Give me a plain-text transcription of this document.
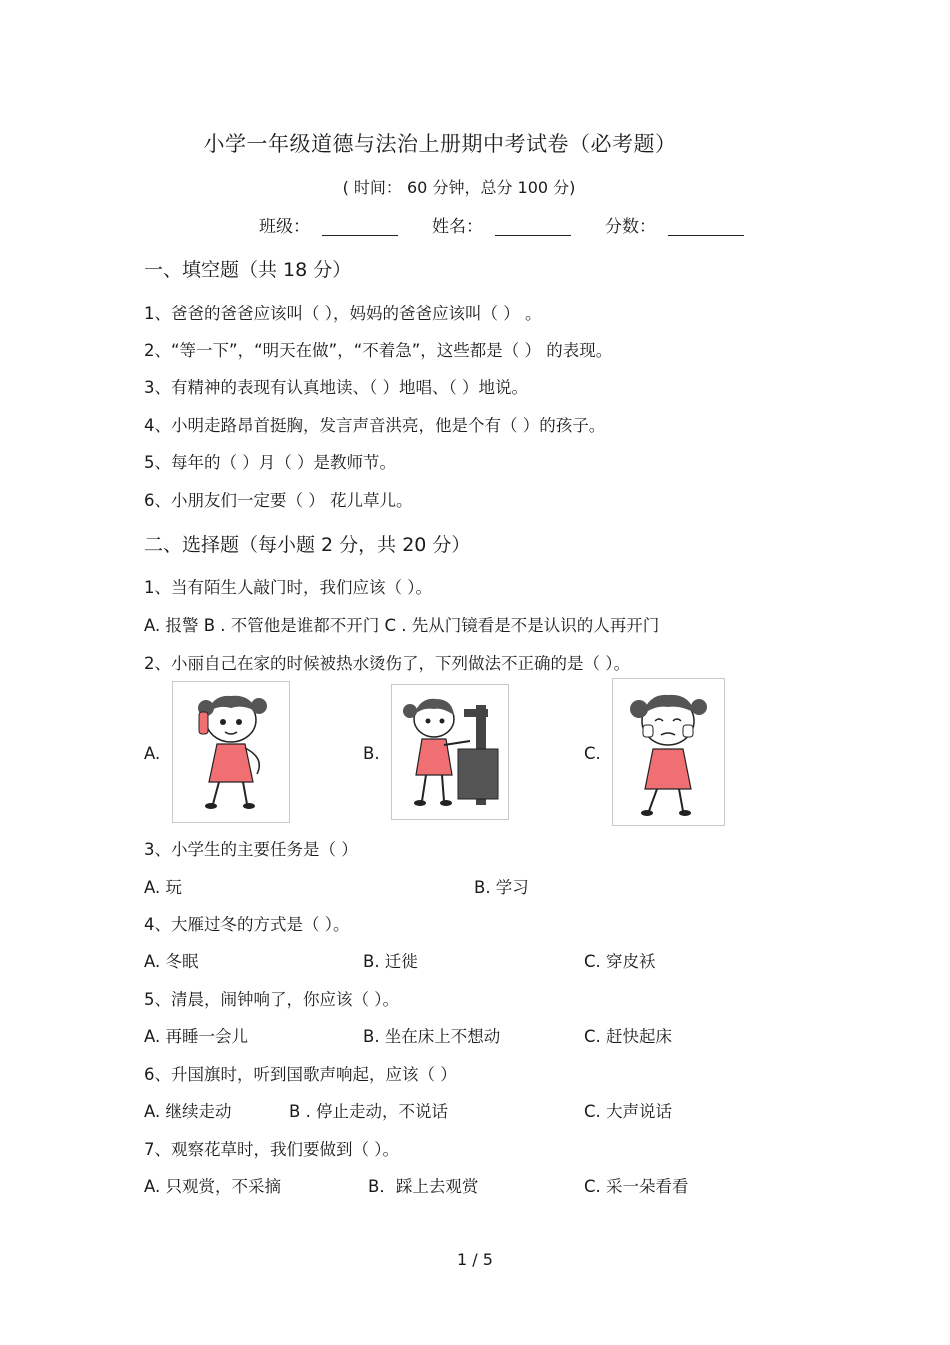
小学一年级道德与法治上册期中考试卷（必考题）
( 时间： 60 分钟，总分 100 分)
班级：	姓名：	分数：
一、填空题（共 18 分）
1、爸爸的爸爸应该叫（ ），妈妈的爸爸应该叫（ ） 。
2、“等一下”，“明天在做”，“不着急”，这些都是（ ） 的表现。
3、有精神的表现有认真地读、（ ）地唱、（ ）地说。
4、小明走路昂首挺胸，发言声音洪亮，他是个有（ ）的孩子。
5、每年的（ ）月（ ）是教师节。
6、小朋友们一定要（ ） 花儿草儿。
二、选择题（每小题 2 分，共 20 分）
1、当有陌生人敲门时，我们应该（ ）。
A. 报警 B . 不管他是谁都不开门 C . 先从门镜看是不是认识的人再开门
2、小丽自己在家的时候被热水烫伤了，下列做法不正确的是（ ）。
A.	B.	C.
3、小学生的主要任务是（ ）
A. 玩	B. 学习
4、大雁过冬的方式是（ ）。
A. 冬眠	B. 迁徙	C. 穿皮袄
5、清晨，闹钟响了，你应该（ ）。
A. 再睡一会儿	B. 坐在床上不想动	C. 赶快起床
6、升国旗时，听到国歌声响起，应该（ ）
A. 继续走动	B . 停止走动，不说话	C. 大声说话
7、观察花草时，我们要做到（ ）。
A. 只观赏，不采摘	B．踩上去观赏	C. 采一朵看看
1 / 5
